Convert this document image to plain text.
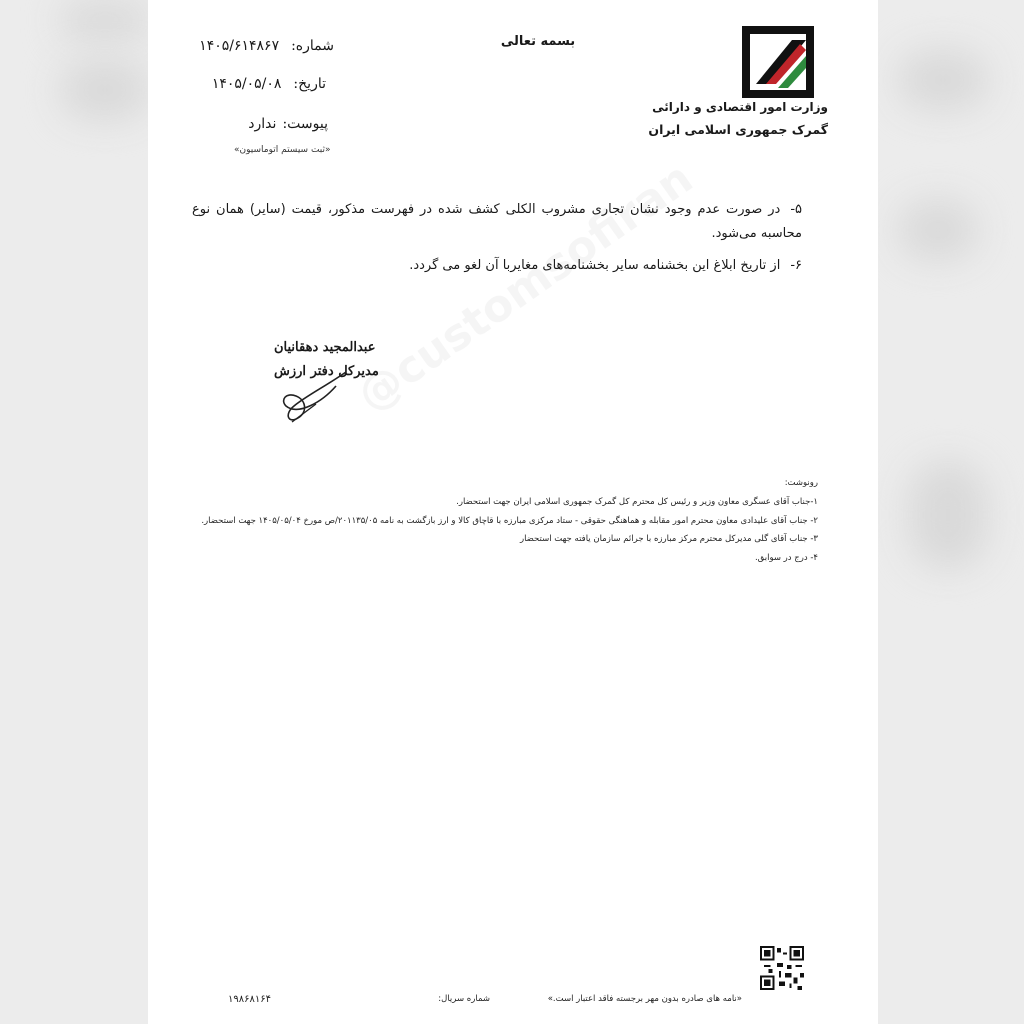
بسمه تعالی
شماره:۱۴۰۵/۶۱۴۸۶۷
تاریخ:۱۴۰۵/۰۵/۰۸
پیوست:ندارد
«ثبت سیستم اتوماسیون»
وزارت امور اقتصادی و دارائی
گمرک جمهوری اسلامی ایران
۵-در صورت عدم وجود نشان تجاری مشروب الکلی کشف شده در فهرست مذکور، قیمت (سایر) همان نوع محاسبه می‌شود.
۶-از تاریخ ابلاغ این بخشنامه سایر بخشنامه‌های مغایربا آن لغو می گردد.
عبدالمجید دهقانیان
مدیرکل دفتر ارزش
رونوشت:
۱-جناب آقای عسگری معاون وزیر و رئیس کل محترم کل گمرک جمهوری اسلامی ایران جهت استحضار.
۲- جناب آقای علیدادی معاون محترم امور مقابله و هماهنگی حقوقی - ستاد مرکزی مبارزه با قاچاق کالا و ارز بازگشت به نامه ۲۰۱۱۳۵/۰۵/ص مورخ ۱۴۰۵/۰۵/۰۴ جهت استحضار.
۳- جناب آقای گلی مدیرکل محترم مرکز مبارزه با جرائم سازمان یافته جهت استحضار
۴- درج در سوابق.
«نامه های صادره بدون مهر برجسته فاقد اعتبار است.»
شماره سریال:
۱۹۸۶۸۱۶۴
